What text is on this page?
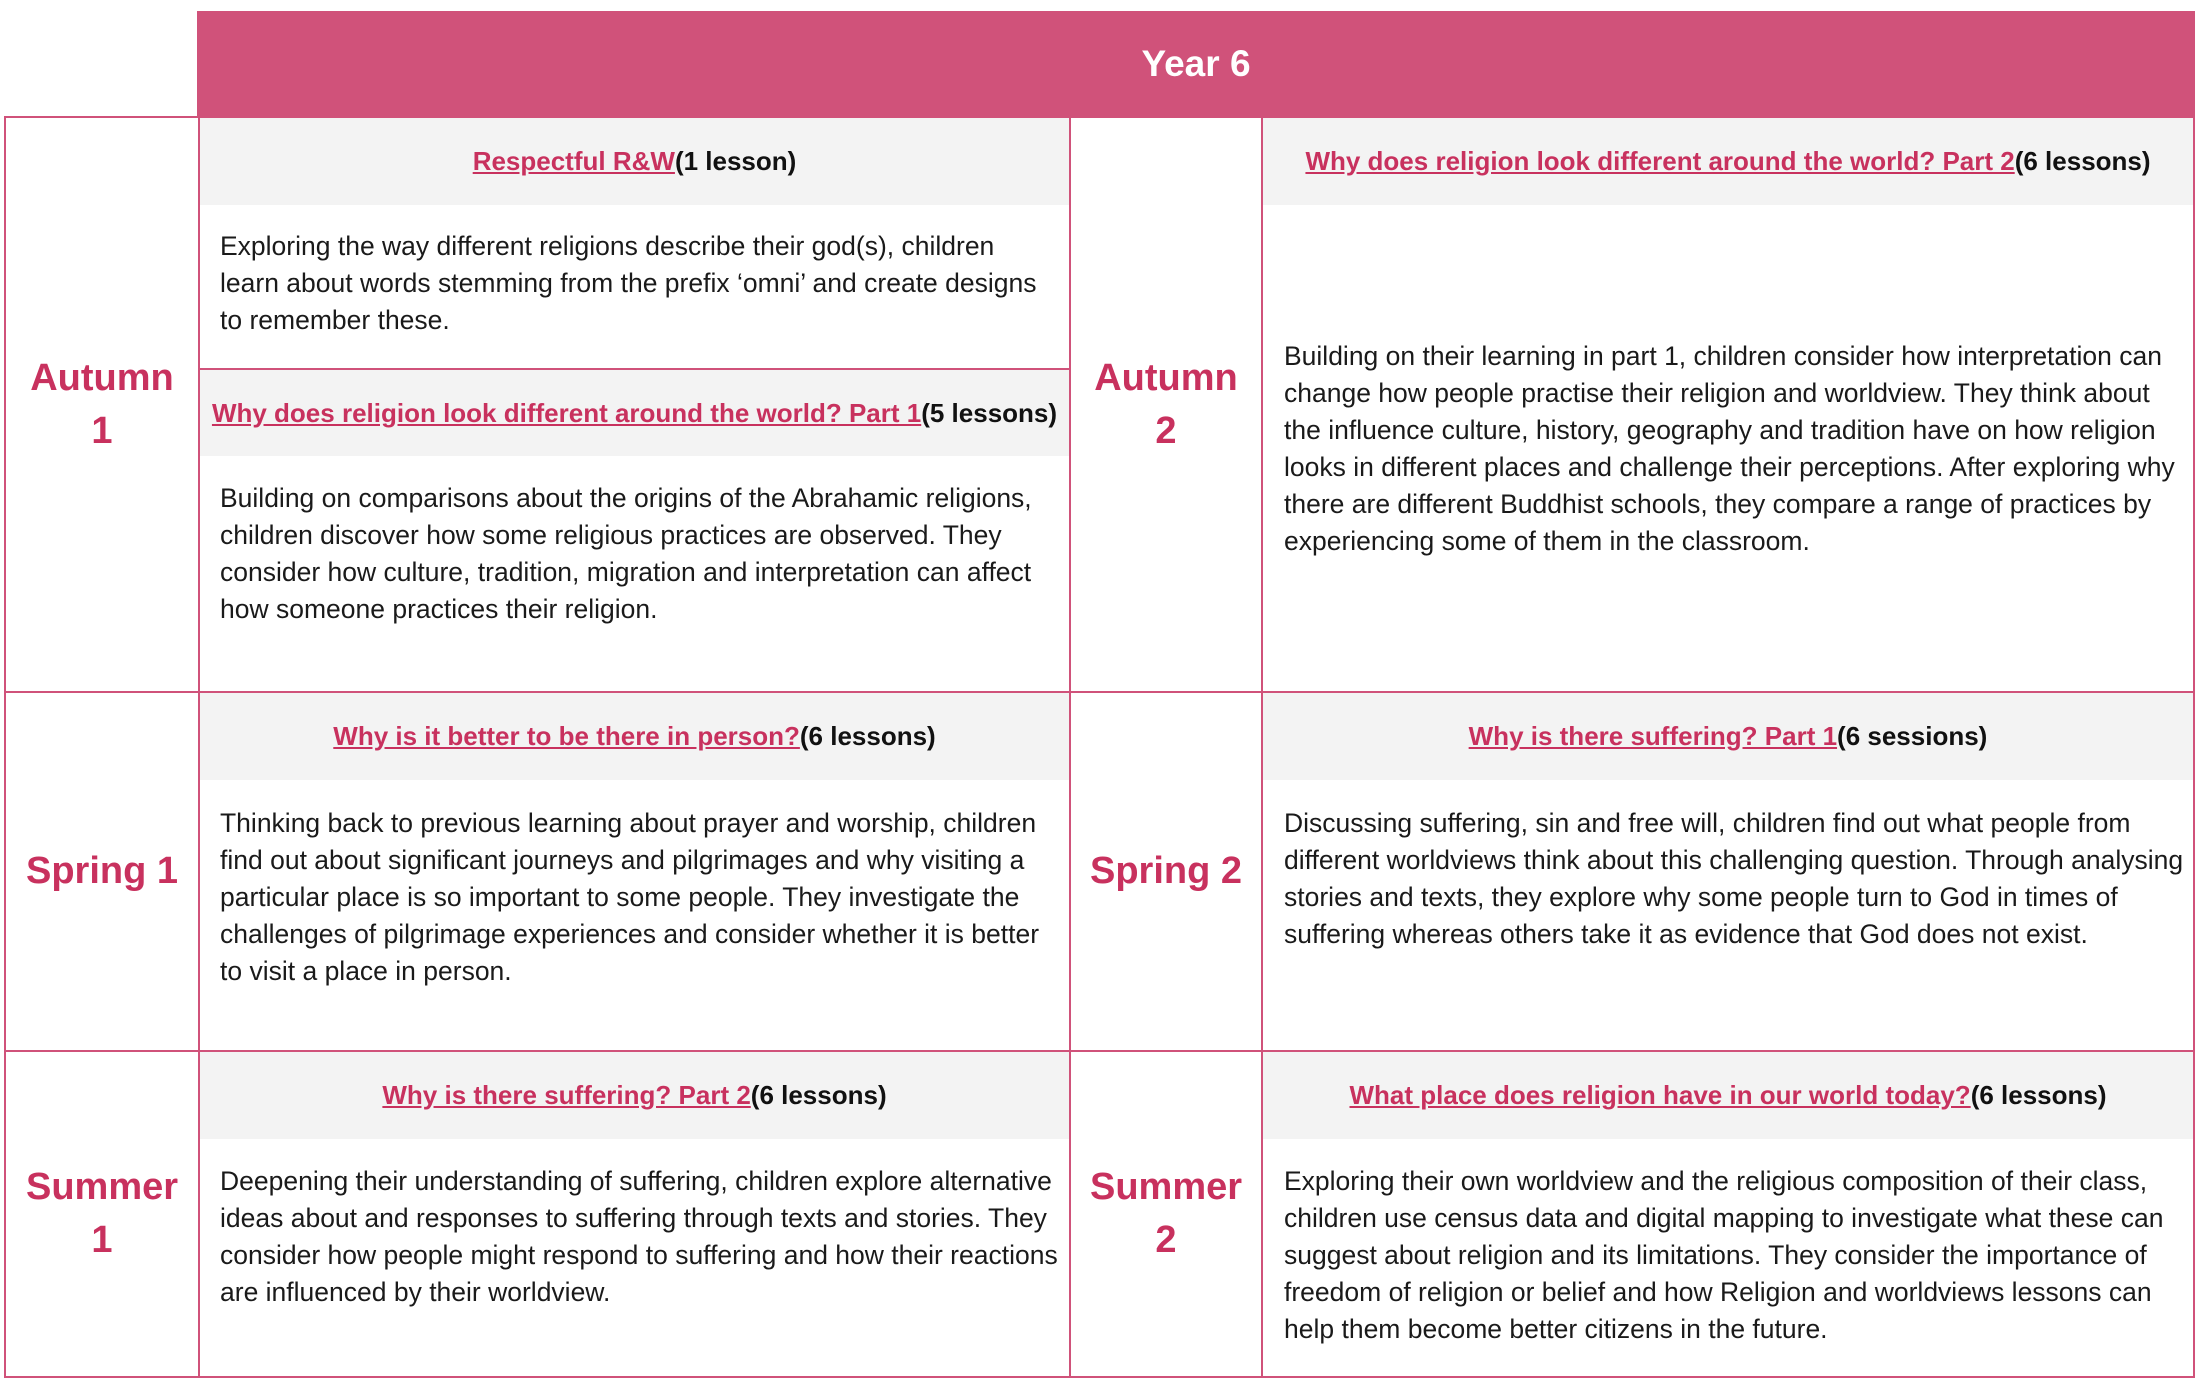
Year 6
Autumn
1
Autumn
2
Spring 1	Spring 2
Summer
1
Summer
2
Respectful R&W (1 lesson)
Exploring the way different religions describe their god(s), children learn about words stemming from the prefix ‘omni’ and create designs to remember these.
Why does religion look different around the world? Part 1 (5 lessons)
Building on comparisons about the origins of the Abrahamic religions, children discover how some religious practices are observed. They consider how culture, tradition, migration and interpretation can affect how someone practices their religion.
Why does religion look different around the world? Part 2 (6 lessons)
Building on their learning in part 1, children consider how interpretation can change how people practise their religion and worldview. They think about the influence culture, history, geography and tradition have on how religion looks in different places and challenge their perceptions. After exploring why there are different Buddhist schools, they compare a range of practices by experiencing some of them in the classroom.
Why is it better to be there in person? (6 lessons)
Thinking back to previous learning about prayer and worship, children find out about significant journeys and pilgrimages and why visiting a particular place is so important to some people. They investigate the challenges of pilgrimage experiences and consider whether it is better to visit a place in person.
Why is there suffering? Part 1 (6 sessions)
Discussing suffering, sin and free will, children find out what people from different worldviews think about this challenging question. Through analysing stories and texts, they explore why some people turn to God in times of suffering whereas others take it as evidence that God does not exist.
Why is there suffering? Part 2 (6 lessons)
Deepening their understanding of suffering, children explore alternative ideas about and responses to suffering through texts and stories. They consider how people might respond to suffering and how their reactions are influenced by their worldview.
What place does religion have in our world today? (6 lessons)
Exploring their own worldview and the religious composition of their class, children use census data and digital mapping to investigate what these can suggest about religion and its limitations. They consider the importance of freedom of religion or belief and how Religion and worldviews lessons can help them become better citizens in the future.
